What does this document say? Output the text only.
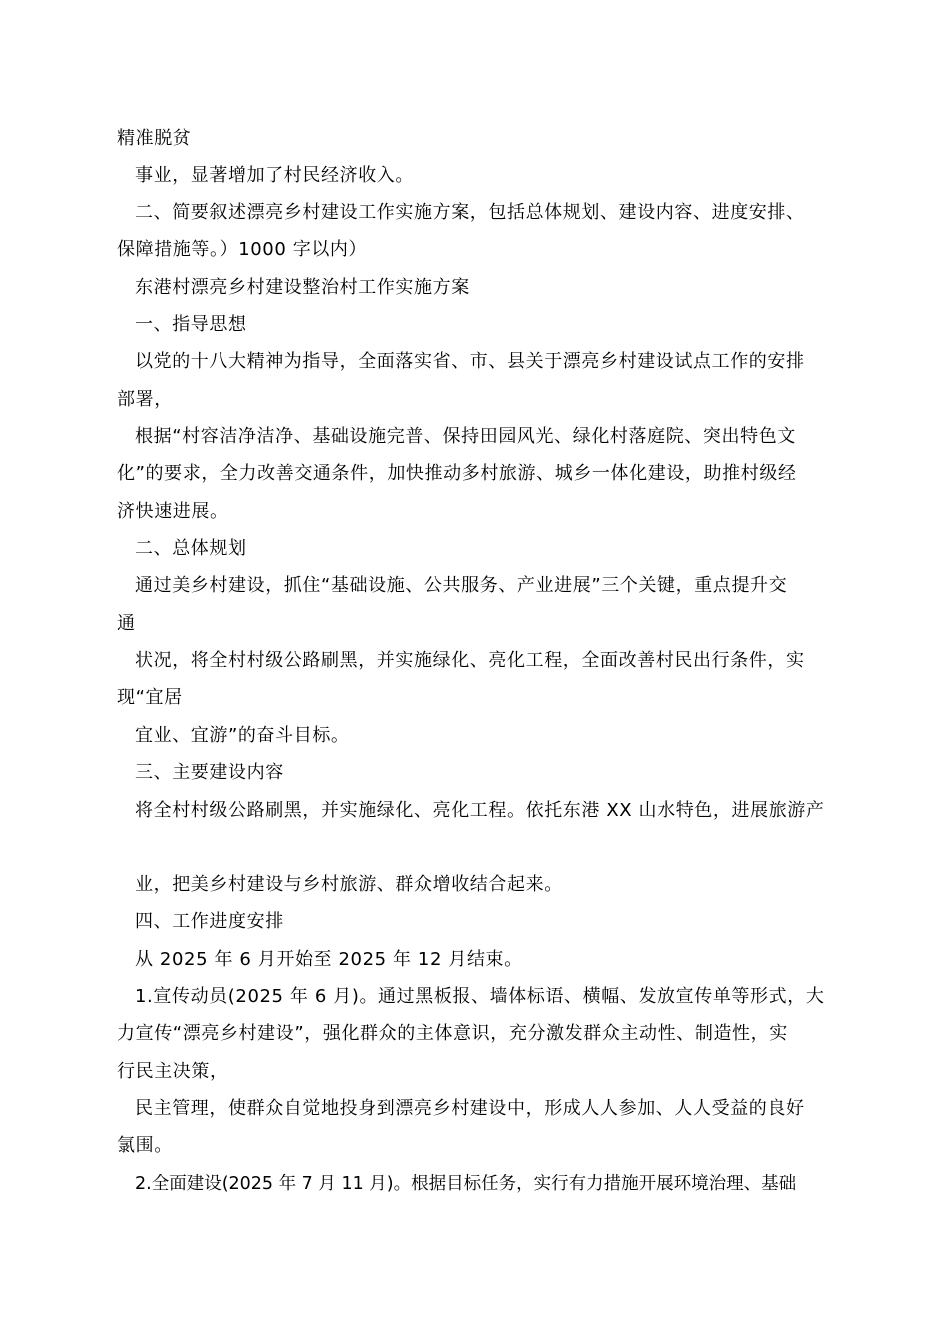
精准脱贫
事业，显著增加了村民经济收入。
二、简要叙述漂亮乡村建设工作实施方案，包括总体规划、建设内容、进度安排、
保障措施等。）1000 字以内）
东港村漂亮乡村建设整治村工作实施方案
一、指导思想
以党的十八大精神为指导，全面落实省、市、县关于漂亮乡村建设试点工作的安排
部署，
根据“村容洁净洁净、基础设施完普、保持田园风光、绿化村落庭院、突出特色文
化”的要求，全力改善交通条件，加快推动多村旅游、城乡一体化建设，助推村级经
济快速进展。
二、总体规划
通过美乡村建设，抓住“基础设施、公共服务、产业进展”三个关键，重点提升交
通
状况，将全村村级公路刷黑，并实施绿化、亮化工程，全面改善村民出行条件，实
现“宜居
宜业、宜游”的奋斗目标。
三、主要建设内容
将全村村级公路刷黑，并实施绿化、亮化工程。依托东港 XX 山水特色，进展旅游产
业，把美乡村建设与乡村旅游、群众增收结合起来。
四、工作进度安排
从 2025 年 6 月开始至 2025 年 12 月结束。
1.宣传动员(2025 年 6 月)。通过黑板报、墙体标语、横幅、发放宣传单等形式，大
力宣传“漂亮乡村建设”，强化群众的主体意识，充分激发群众主动性、制造性，实
行民主决策，
民主管理，使群众自觉地投身到漂亮乡村建设中，形成人人参加、人人受益的良好
氯围。
2.全面建设(2025 年 7 月 11 月)。根据目标任务，实行有力措施开展环境治理、基础
